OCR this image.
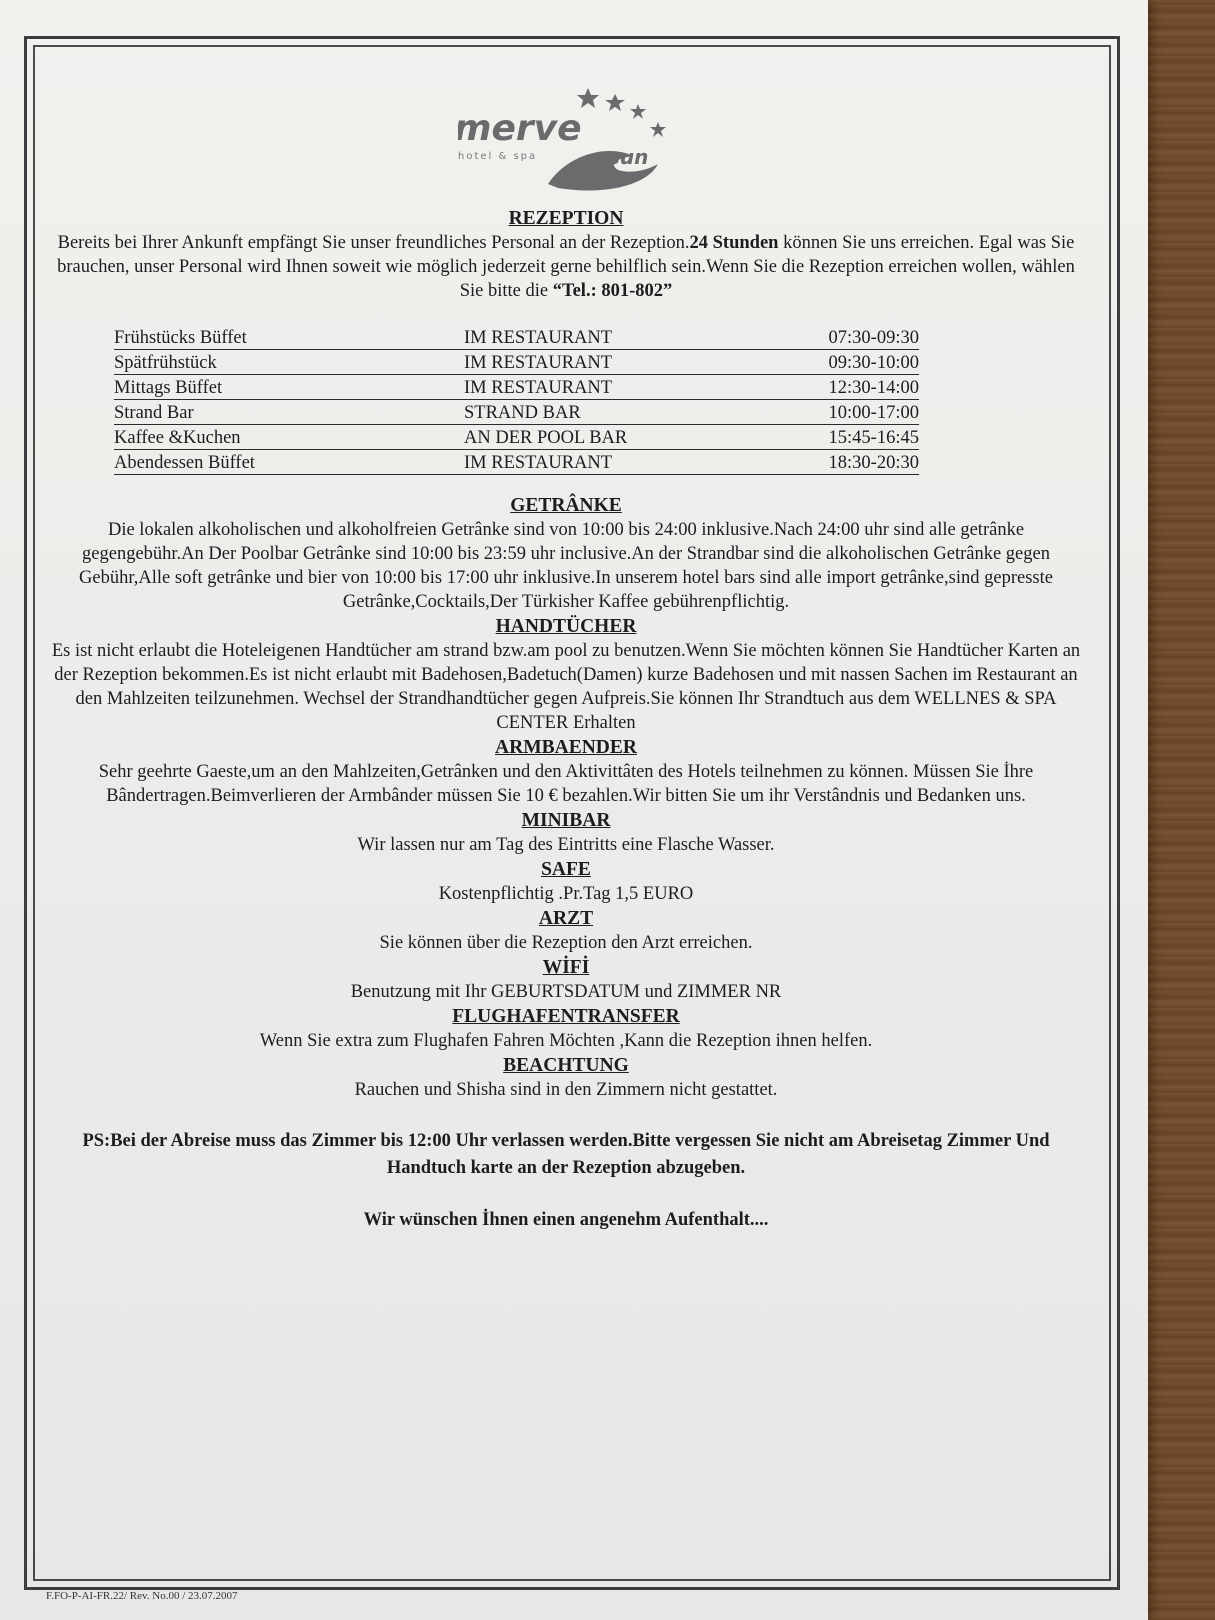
merve
hotel & spa	sun
REZEPTION

Bereits bei Ihrer Ankunft empfängt Sie unser freundliches Personal an der Rezeption.24 Stunden können Sie uns erreichen. Egal was Sie brauchen, unser Personal wird Ihnen soweit wie möglich jederzeit gerne behilflich sein.Wenn Sie die Rezeption erreichen wollen, wählen Sie bitte die “Tel.: 801-802”

Frühstücks Büffet	IM RESTAURANT	07:30-09:30
Spätfrühstück	IM RESTAURANT	09:30-10:00
Mittags Büffet	IM RESTAURANT	12:30-14:00
Strand Bar	STRAND BAR	10:00-17:00
Kaffee &Kuchen	AN DER POOL BAR	15:45-16:45
Abendessen Büffet	IM RESTAURANT	18:30-20:30
GETRÂNKE

Die lokalen alkoholischen und alkoholfreien Getrânke sind von 10:00 bis 24:00 inklusive.Nach 24:00 uhr sind alle getrânke gegengebühr.An Der Poolbar Getrânke sind 10:00 bis 23:59 uhr inclusive.An der Strandbar sind die alkoholischen Getrânke gegen Gebühr,Alle soft getrânke und bier von 10:00 bis 17:00 uhr inklusive.In unserem hotel bars sind alle import getrânke,sind gepresste Getrânke,Cocktails,Der Türkisher Kaffee gebührenpflichtig.

HANDTÜCHER

Es ist nicht erlaubt die Hoteleigenen Handtücher am strand bzw.am pool zu benutzen.Wenn Sie möchten können Sie Handtücher Karten an der Rezeption bekommen.Es ist nicht erlaubt mit Badehosen,Badetuch(Damen) kurze Badehosen und mit nassen Sachen im Restaurant an den Mahlzeiten teilzunehmen. Wechsel der Strandhandtücher gegen Aufpreis.Sie können Ihr Strandtuch aus dem WELLNES & SPA CENTER Erhalten

ARMBAENDER

Sehr geehrte Gaeste,um an den Mahlzeiten,Getrânken und den Aktivittâten des Hotels teilnehmen zu können. Müssen Sie İhre Bândertragen.Beimverlieren der Armbânder müssen Sie 10 € bezahlen.Wir bitten Sie um ihr Verstândnis und Bedanken uns.

MINIBAR

Wir lassen nur am Tag des Eintritts eine Flasche Wasser.

SAFE

Kostenpflichtig .Pr.Tag 1,5 EURO

ARZT

Sie können über die Rezeption den Arzt erreichen.

WİFİ

Benutzung mit Ihr GEBURTSDATUM und ZIMMER NR

FLUGHAFENTRANSFER

Wenn Sie extra zum Flughafen Fahren Möchten ,Kann die Rezeption ihnen helfen.

BEACHTUNG

Rauchen und Shisha sind in den Zimmern nicht gestattet.

PS:Bei der Abreise muss das Zimmer bis 12:00 Uhr verlassen werden.Bitte vergessen Sie nicht am Abreisetag Zimmer Und Handtuch karte an der Rezeption abzugeben.

Wir wünschen İhnen einen angenehm Aufenthalt....

F.FO-P-AI-FR.22/ Rev. No.00 / 23.07.2007
